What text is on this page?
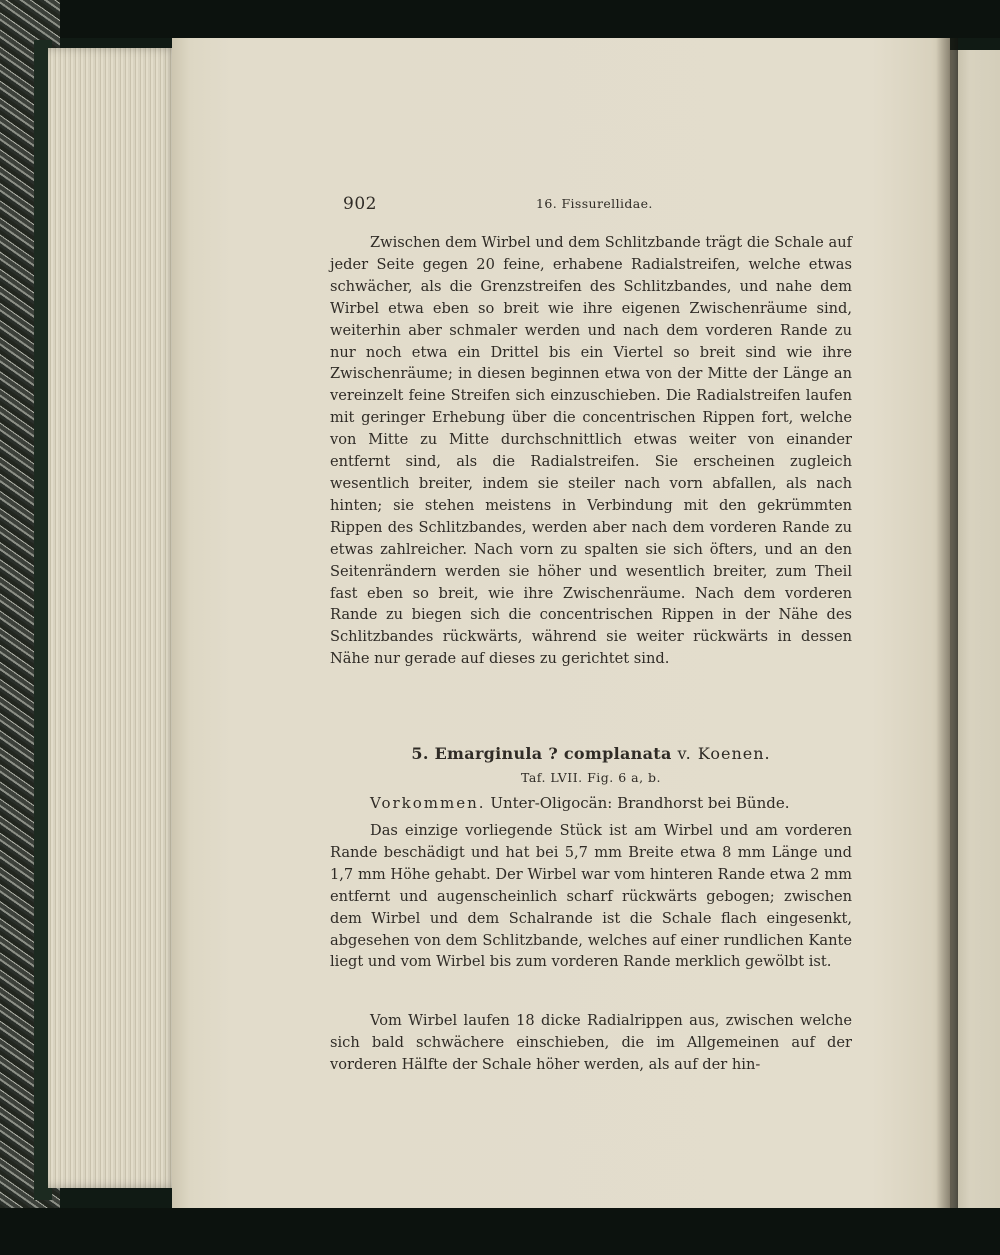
902	16. Fissurellidae.
Zwischen dem Wirbel und dem Schlitzbande trägt die Schale auf jeder Seite gegen 20 feine, erhabene Radialstreifen, welche etwas schwächer, als die Grenzstreifen des Schlitzbandes, und nahe dem Wirbel etwa eben so breit wie ihre eigenen Zwischenräume sind, weiterhin aber schmaler werden und nach dem vorderen Rande zu nur noch etwa ein Drittel bis ein Viertel so breit sind wie ihre Zwischenräume; in diesen beginnen etwa von der Mitte der Länge an vereinzelt feine Streifen sich einzuschieben. Die Radialstreifen laufen mit geringer Erhebung über die concentrischen Rippen fort, welche von Mitte zu Mitte durchschnittlich etwas weiter von einander entfernt sind, als die Radialstreifen. Sie erscheinen zugleich wesentlich breiter, indem sie steiler nach vorn abfallen, als nach hinten; sie stehen meistens in Verbindung mit den gekrümmten Rippen des Schlitzbandes, werden aber nach dem vorderen Rande zu etwas zahlreicher. Nach vorn zu spalten sie sich öfters, und an den Seitenrändern werden sie höher und wesentlich breiter, zum Theil fast eben so breit, wie ihre Zwischenräume. Nach dem vorderen Rande zu biegen sich die concentrischen Rippen in der Nähe des Schlitzbandes rückwärts, während sie weiter rückwärts in dessen Nähe nur gerade auf dieses zu gerichtet sind.
5. Emarginula ? complanata v. Koenen.
Taf. LVII. Fig. 6 a, b.
Vorkommen. Unter-Oligocän: Brandhorst bei Bünde.
Das einzige vorliegende Stück ist am Wirbel und am vorderen Rande beschädigt und hat bei 5,7 mm Breite etwa 8 mm Länge und 1,7 mm Höhe gehabt. Der Wirbel war vom hinteren Rande etwa 2 mm entfernt und augenscheinlich scharf rückwärts gebogen; zwischen dem Wirbel und dem Schalrande ist die Schale flach eingesenkt, abgesehen von dem Schlitzbande, welches auf einer rundlichen Kante liegt und vom Wirbel bis zum vorderen Rande merklich gewölbt ist.
Vom Wirbel laufen 18 dicke Radialrippen aus, zwischen welche sich bald schwächere einschieben, die im Allgemeinen auf der vorderen Hälfte der Schale höher werden, als auf der hin-
